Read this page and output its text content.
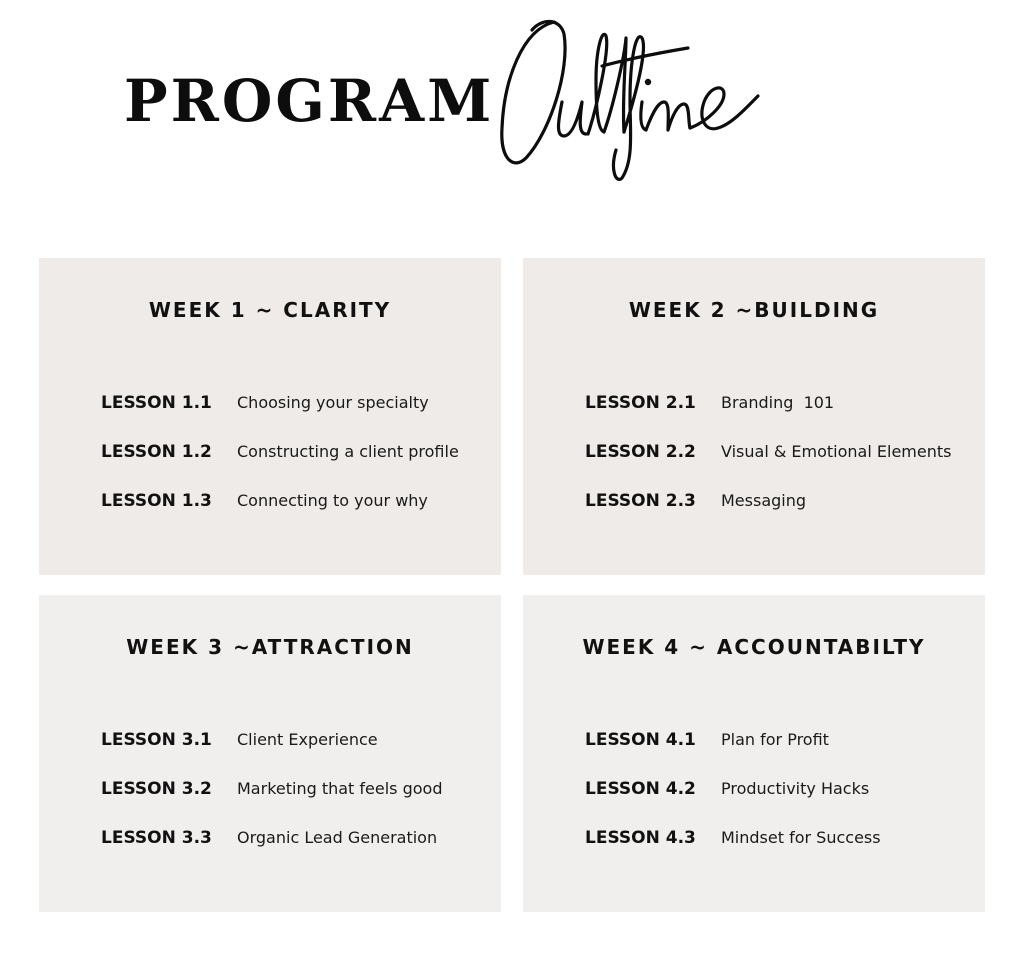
PROGRAM
WEEK 1 ~ CLARITY
LESSON 1.1	Choosing your specialty
LESSON 1.2	Constructing a client profile
LESSON 1.3	Connecting to your why
WEEK 2 ~BUILDING
LESSON 2.1	Branding  101
LESSON 2.2	Visual & Emotional Elements
LESSON 2.3	Messaging
WEEK 3 ~ATTRACTION
LESSON 3.1	Client Experience
LESSON 3.2	Marketing that feels good
LESSON 3.3	Organic Lead Generation
WEEK 4 ~ ACCOUNTABILTY
LESSON 4.1	Plan for Profit
LESSON 4.2	Productivity Hacks
LESSON 4.3	Mindset for Success
